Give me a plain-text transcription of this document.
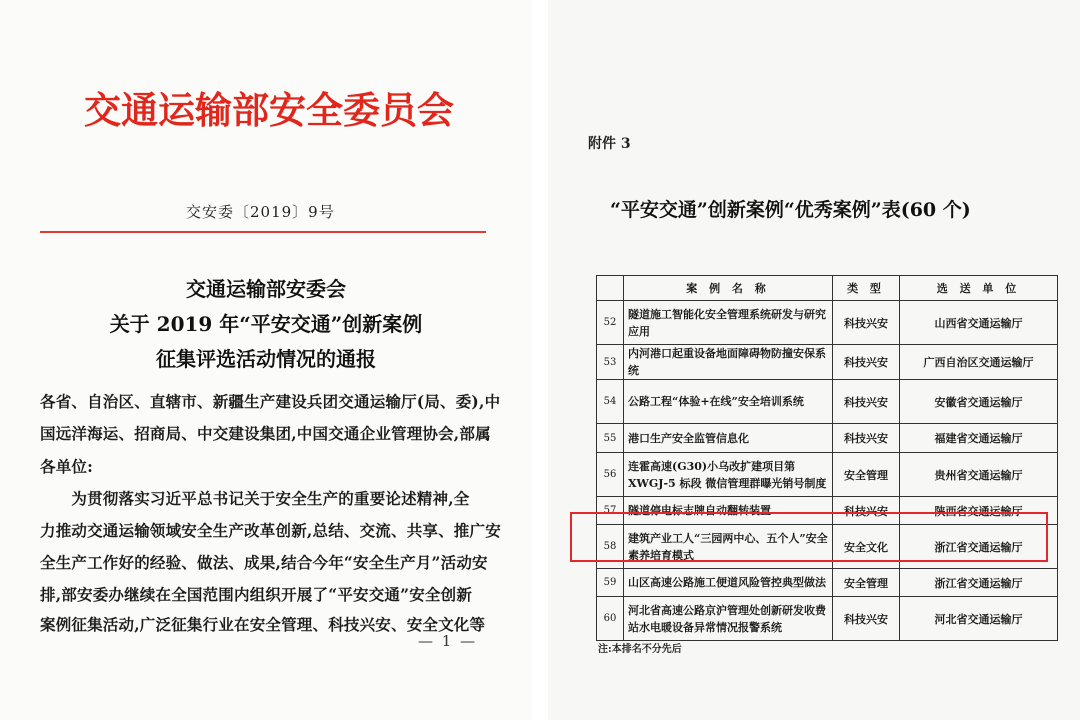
交通运输部安全委员会
交安委〔2019〕9号
交通运输部安委会
关于 2019 年“平安交通”创新案例
征集评选活动情况的通报
各省、自治区、直辖市、新疆生产建设兵团交通运输厅(局、委),中
国远洋海运、招商局、中交建设集团,中国交通企业管理协会,部属
各单位:
　　为贯彻落实习近平总书记关于安全生产的重要论述精神,全
力推动交通运输领域安全生产改革创新,总结、交流、共享、推广安
全生产工作好的经验、做法、成果,结合今年“安全生产月”活动安
排,部安委办继续在全国范围内组织开展了“平安交通”安全创新
案例征集活动,广泛征集行业在安全管理、科技兴安、安全文化等
— 1 —
附件 3
“平安交通”创新案例“优秀案例”表(60 个)
	案 例 名 称	类 型	选 送 单 位
52	隧道施工智能化安全管理系统研发与研究应用	科技兴安	山西省交通运输厅
53	内河港口起重设备地面障碍物防撞安保系统	科技兴安	广西自治区交通运输厅
54	公路工程“体验+在线”安全培训系统	科技兴安	安徽省交通运输厅
55	港口生产安全监管信息化	科技兴安	福建省交通运输厅
56	连霍高速(G30)小乌改扩建项目第 XWGJ-5 标段 微信管理群曝光销号制度	安全管理	贵州省交通运输厅
57	隧道停电标志牌自动翻转装置	科技兴安	陕西省交通运输厅
58	建筑产业工人“三园两中心、五个人”安全素养培育模式	安全文化	浙江省交通运输厅
59	山区高速公路施工便道风险管控典型做法	安全管理	浙江省交通运输厅
60	河北省高速公路京沪管理处创新研发收费站水电暖设备异常情况报警系统	科技兴安	河北省交通运输厅
注:本排名不分先后
